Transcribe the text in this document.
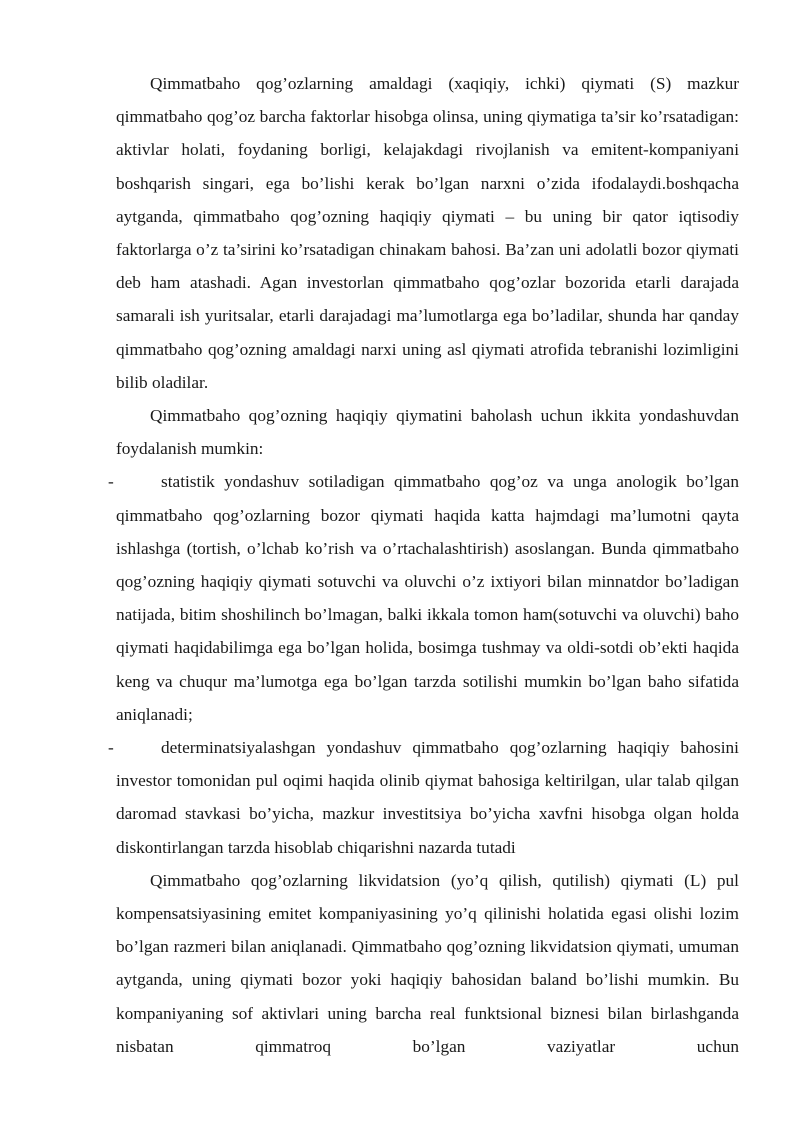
Qimmatbaho qog’ozlarning amaldagi (xaqiqiy, ichki) qiymati (S) mazkur qimmatbaho qog’oz barcha faktorlar hisobga olinsa, uning qiymatiga ta’sir ko’rsatadigan: aktivlar holati, foydaning borligi, kelajakdagi rivojlanish va emitent-kompaniyani boshqarish singari, ega bo’lishi kerak bo’lgan narxni o’zida ifodalaydi.boshqacha aytganda, qimmatbaho qog’ozning haqiqiy qiymati – bu uning bir qator iqtisodiy faktorlarga o’z ta’sirini ko’rsatadigan chinakam bahosi. Ba’zan uni adolatli bozor qiymati deb ham atashadi. Agan investorlan qimmatbaho qog’ozlar bozorida etarli darajada samarali ish yuritsalar, etarli darajadagi ma’lumotlarga ega bo’ladilar, shunda har qanday qimmatbaho qog’ozning amaldagi narxi uning asl qiymati atrofida tebranishi lozimligini bilib oladilar.

Qimmatbaho qog’ozning haqiqiy qiymatini baholash uchun ikkita yondashuvdan foydalanish mumkin:

-	statistik yondashuv sotiladigan qimmatbaho qog’oz va unga anologik bo’lgan qimmatbaho qog’ozlarning bozor qiymati haqida katta hajmdagi ma’lumotni qayta ishlashga (tortish, o’lchab ko’rish va o’rtachalashtirish) asoslangan. Bunda qimmatbaho qog’ozning haqiqiy qiymati sotuvchi va oluvchi o’z ixtiyori bilan minnatdor bo’ladigan natijada, bitim shoshilinch bo’lmagan, balki ikkala tomon ham(sotuvchi va oluvchi) baho qiymati haqidabilimga ega bo’lgan holida, bosimga tushmay va oldi-sotdi ob’ekti haqida keng va chuqur ma’lumotga ega bo’lgan tarzda sotilishi mumkin bo’lgan baho sifatida aniqlanadi;

-	determinatsiyalashgan yondashuv qimmatbaho qog’ozlarning haqiqiy bahosini investor tomonidan pul oqimi haqida olinib qiymat bahosiga keltirilgan, ular talab qilgan daromad stavkasi bo’yicha, mazkur investitsiya bo’yicha xavfni hisobga olgan holda diskontirlangan tarzda hisoblab chiqarishni nazarda tutadi

Qimmatbaho qog’ozlarning likvidatsion (yo’q qilish, qutilish) qiymati (L) pul kompensatsiyasining emitet kompaniyasining yo’q qilinishi holatida egasi olishi lozim bo’lgan razmeri bilan aniqlanadi. Qimmatbaho qog’ozning likvidatsion qiymati, umuman aytganda, uning qiymati bozor yoki haqiqiy bahosidan baland bo’lishi mumkin. Bu kompaniyaning sof aktivlari uning barcha real funktsional biznesi bilan birlashganda nisbatan qimmatroq bo’lgan vaziyatlar uchun
